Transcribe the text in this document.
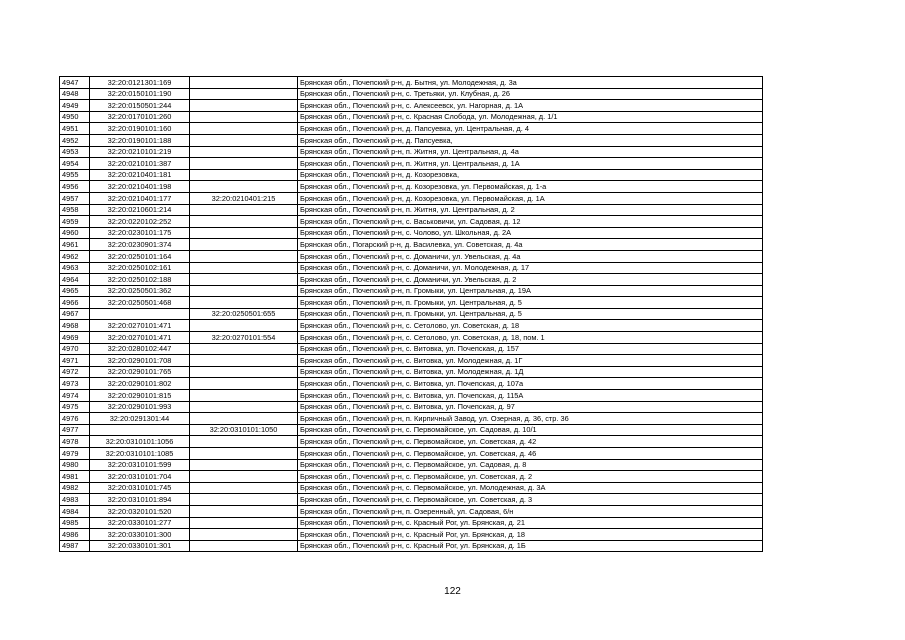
4947	32:20:0121301:169		Брянская обл., Почепский р-н, д. Бытня, ул. Молодежная, д. 3а
4948	32:20:0150101:190		Брянская обл., Почепский р-н, с. Третьяки, ул. Клубная, д. 26
4949	32:20:0150501:244		Брянская обл., Почепский р-н, с. Алексеевск, ул. Нагорная, д. 1А
4950	32:20:0170101:260		Брянская обл., Почепский р-н, с. Красная Слобода, ул. Молодежная, д. 1/1
4951	32:20:0190101:160		Брянская обл., Почепский р-н, д. Папсуевка, ул. Центральная, д. 4
4952	32:20:0190101:188		Брянская обл., Почепский р-н, д. Папсуевка,
4953	32:20:0210101:219		Брянская обл., Почепский р-н, п. Житня, ул. Центральная, д. 4а
4954	32:20:0210101:387		Брянская обл., Почепский р-н, п. Житня, ул. Центральная, д. 1А
4955	32:20:0210401:181		Брянская обл., Почепский р-н, д. Козорезовка,
4956	32:20:0210401:198		Брянская обл., Почепский р-н, д. Козорезовка, ул. Первомайская, д. 1-а
4957	32:20:0210401:177	32:20:0210401:215	Брянская обл., Почепский р-н, д. Козорезовка, ул. Первомайская, д. 1А
4958	32:20:0210601:214		Брянская обл., Почепский р-н, п. Житня, ул. Центральная, д. 2
4959	32:20:0220102:252		Брянская обл., Почепский р-н, с. Васьковичи, ул. Садовая, д. 12
4960	32:20:0230101:175		Брянская обл., Почепский р-н, с. Чолово, ул. Школьная, д. 2А
4961	32:20:0230901:374		Брянская обл., Погарский р-н, д. Василевка, ул. Советская, д. 4а
4962	32:20:0250101:164		Брянская обл., Почепский р-н, с. Доманичи, ул. Увельская, д. 4а
4963	32:20:0250102:161		Брянская обл., Почепский р-н, с. Доманичи, ул. Молодежная, д. 17
4964	32:20:0250102:188		Брянская обл., Почепский р-н, с. Доманичи, ул. Увельская, д. 2
4965	32:20:0250501:362		Брянская обл., Почепский р-н, п. Громыки, ул. Центральная, д. 19А
4966	32:20:0250501:468		Брянская обл., Почепский р-н, п. Громыки, ул. Центральная, д. 5
4967		32:20:0250501:655	Брянская обл., Почепский р-н, п. Громыки, ул. Центральная, д. 5
4968	32:20:0270101:471		Брянская обл., Почепский р-н, с. Сетолово, ул. Советская, д. 18
4969	32:20:0270101:471	32:20:0270101:554	Брянская обл., Почепский р-н, с. Сетолово, ул. Советская, д. 18, пом. 1
4970	32:20:0280102:447		Брянская обл., Почепский р-н, с. Витовка, ул. Почепская, д. 157
4971	32:20:0290101:708		Брянская обл., Почепский р-н, с. Витовка, ул. Молодежная, д. 1Г
4972	32:20:0290101:765		Брянская обл., Почепский р-н, с. Витовка, ул. Молодежная, д. 1Д
4973	32:20:0290101:802		Брянская обл., Почепский р-н, с. Витовка, ул. Почепская, д. 107а
4974	32:20:0290101:815		Брянская обл., Почепский р-н, с. Витовка, ул. Почепская, д. 115А
4975	32:20:0290101:993		Брянская обл., Почепский р-н, с. Витовка, ул. Почепская, д. 97
4976	32:20:0291301:44		Брянская обл., Почепский р-н, п. Кирпичный Завод, ул. Озерная, д. 36, стр. 36
4977		32:20:0310101:1050	Брянская обл., Почепский р-н, с. Первомайское, ул. Садовая, д. 10/1
4978	32:20:0310101:1056		Брянская обл., Почепский р-н, с. Первомайское, ул. Советская, д. 42
4979	32:20:0310101:1085		Брянская обл., Почепский р-н, с. Первомайское, ул. Советская, д. 46
4980	32:20:0310101:599		Брянская обл., Почепский р-н, с. Первомайское, ул. Садовая, д. 8
4981	32:20:0310101:704		Брянская обл., Почепский р-н, с. Первомайское, ул. Советская, д. 2
4982	32:20:0310101:745		Брянская обл., Почепский р-н, с. Первомайское, ул. Молодежная, д. 3А
4983	32:20:0310101:894		Брянская обл., Почепский р-н, с. Первомайское, ул. Советская, д. 3
4984	32:20:0320101:520		Брянская обл., Почепский р-н, п. Озеренный, ул. Садовая, 6/н
4985	32:20:0330101:277		Брянская обл., Почепский р-н, с. Красный Рог, ул. Брянская, д. 21
4986	32:20:0330101:300		Брянская обл., Почепский р-н, с. Красный Рог, ул. Брянская, д. 18
4987	32:20:0330101:301		Брянская обл., Почепский р-н, с. Красный Рог, ул. Брянская, д. 1Б
122
